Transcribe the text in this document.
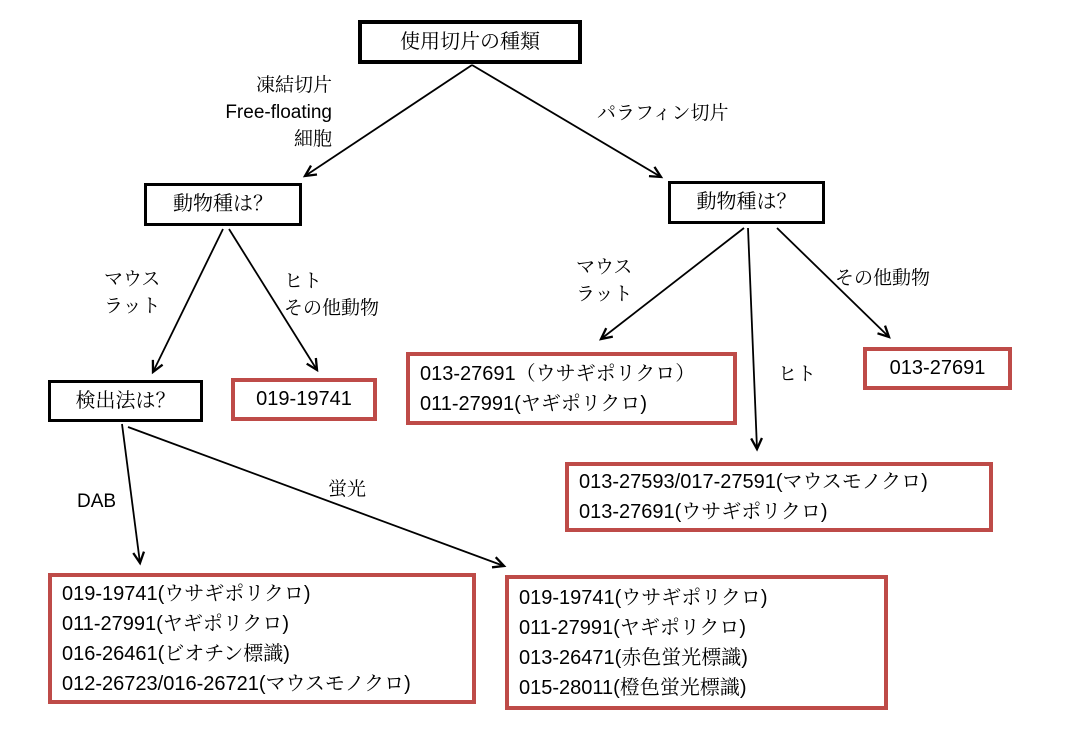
使用切片の種類
動物種は？	動物種は？
検出法は？	019-19741
013-27691（ウサギポリクロ）
011-27991(ヤギポリクロ)
013-27691
013-27593/017-27591(マウスモノクロ)
013-27691(ウサギポリクロ)
019-19741(ウサギポリクロ)
011-27991(ヤギポリクロ)
016-26461(ビオチン標識)
012-26723/016-26721(マウスモノクロ)
019-19741(ウサギポリクロ)
011-27991(ヤギポリクロ)
013-26471(赤色蛍光標識)
015-28011(橙色蛍光標識)
凍結切片
Free-floating
細胞
パラフィン切片
マウス
ラット
ヒト
その他動物
マウス
ラット
その他動物
ヒト
DAB
蛍光
